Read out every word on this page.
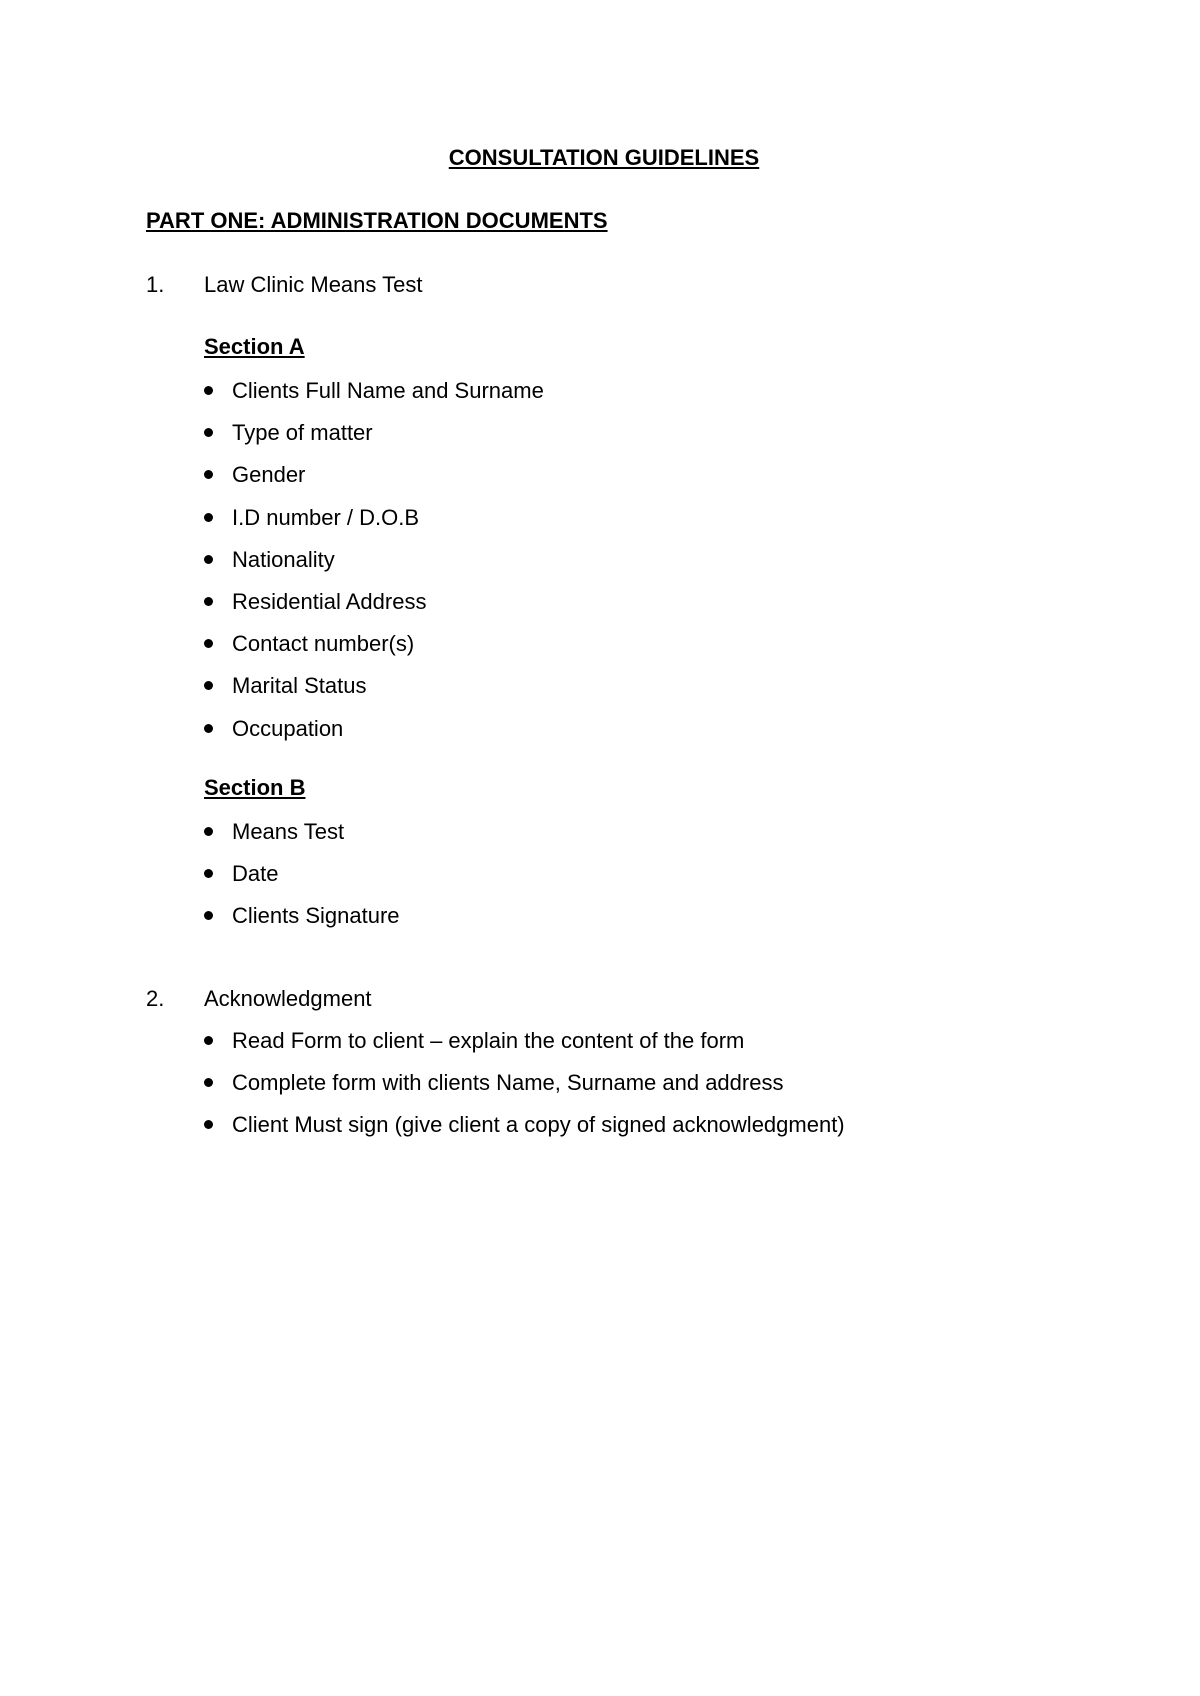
CONSULTATION GUIDELINES
PART ONE: ADMINISTRATION DOCUMENTS
1. Law Clinic Means Test
Section A
Clients Full Name and Surname
Type of matter
Gender
I.D number / D.O.B
Nationality
Residential Address
Contact number(s)
Marital Status
Occupation
Section B
Means Test
Date
Clients Signature
2. Acknowledgment
Read Form to client – explain the content of the form
Complete form with clients Name, Surname and address
Client Must sign (give client a copy of signed acknowledgment)
